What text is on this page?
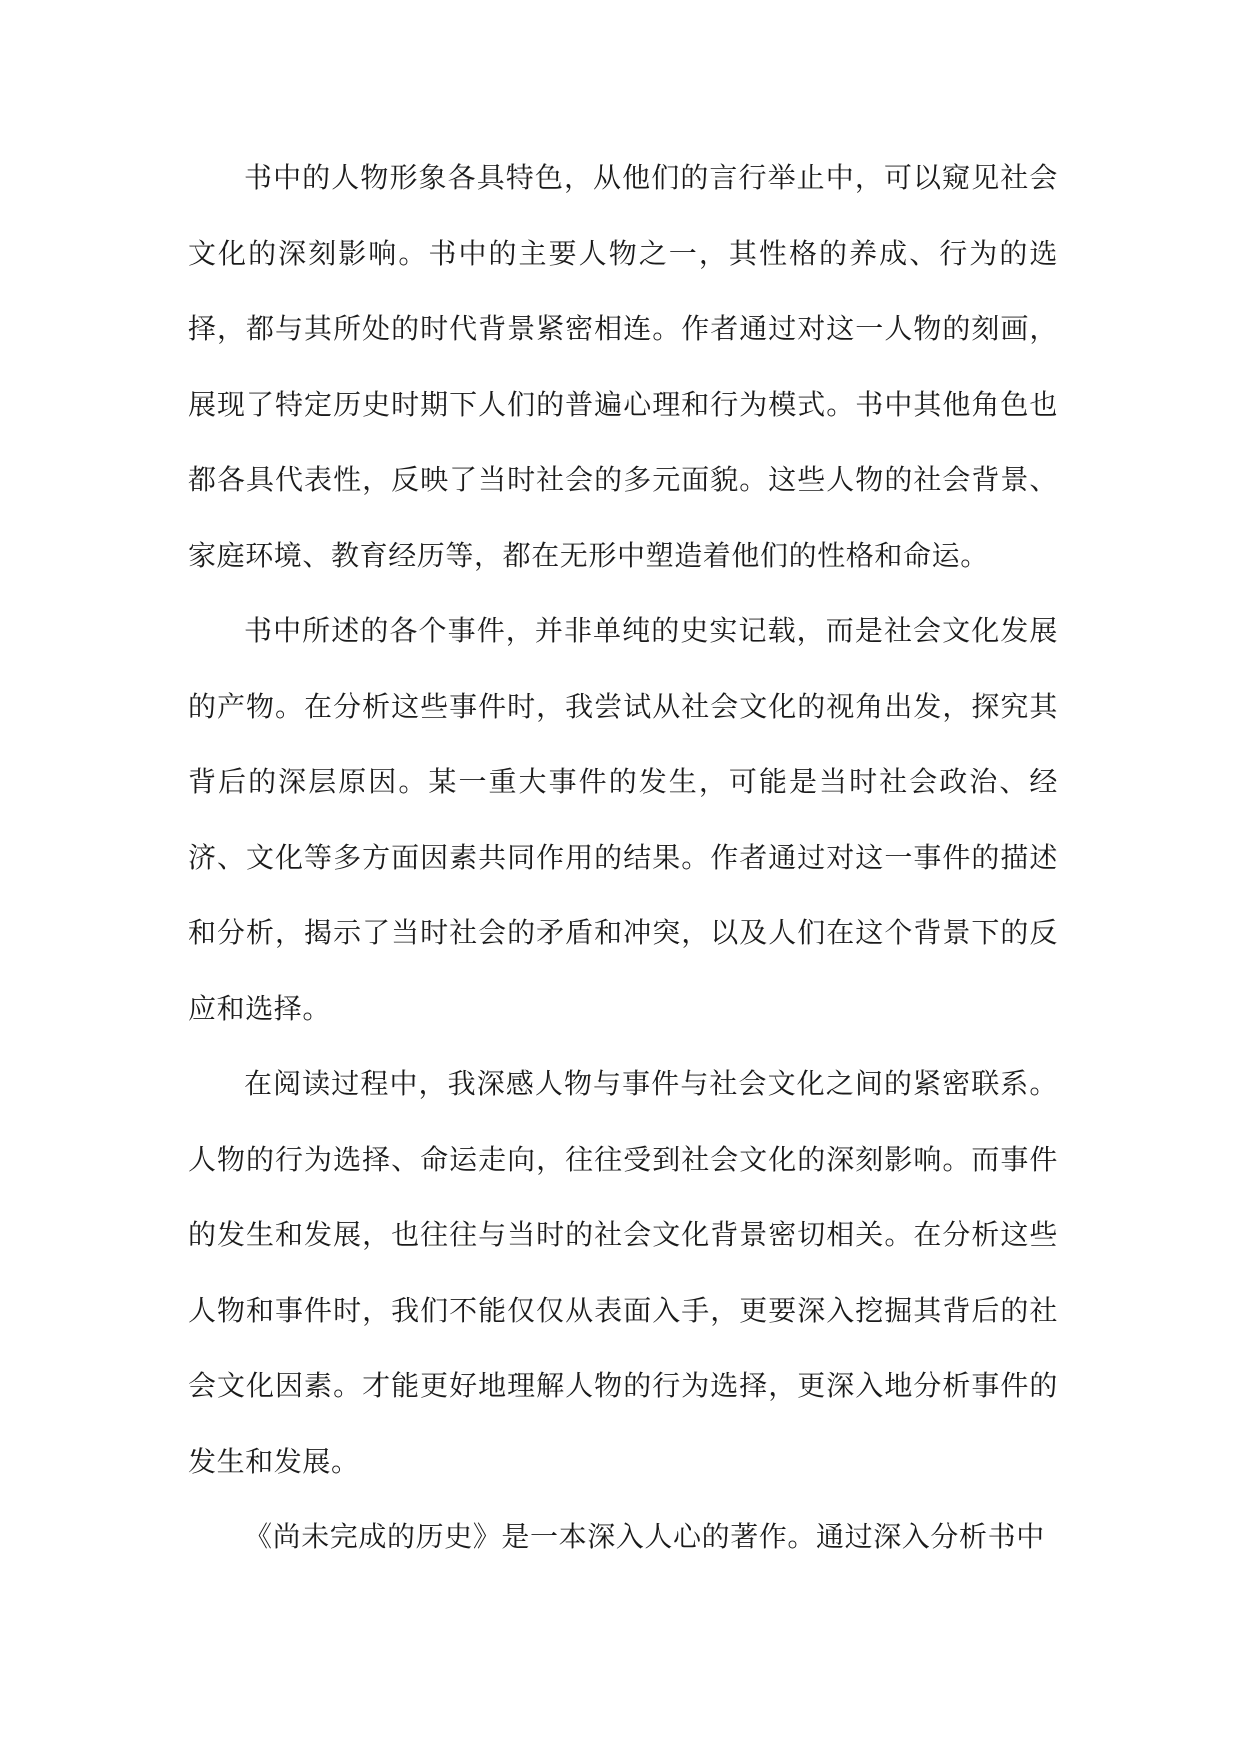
书中的人物形象各具特色，从他们的言行举止中，可以窥见社会文化的深刻影响。书中的主要人物之一，其性格的养成、行为的选择，都与其所处的时代背景紧密相连。作者通过对这一人物的刻画，展现了特定历史时期下人们的普遍心理和行为模式。书中其他角色也都各具代表性，反映了当时社会的多元面貌。这些人物的社会背景、家庭环境、教育经历等，都在无形中塑造着他们的性格和命运。

书中所述的各个事件，并非单纯的史实记载，而是社会文化发展的产物。在分析这些事件时，我尝试从社会文化的视角出发，探究其背后的深层原因。某一重大事件的发生，可能是当时社会政治、经济、文化等多方面因素共同作用的结果。作者通过对这一事件的描述和分析，揭示了当时社会的矛盾和冲突，以及人们在这个背景下的反应和选择。

在阅读过程中，我深感人物与事件与社会文化之间的紧密联系。人物的行为选择、命运走向，往往受到社会文化的深刻影响。而事件的发生和发展，也往往与当时的社会文化背景密切相关。在分析这些人物和事件时，我们不能仅仅从表面入手，更要深入挖掘其背后的社会文化因素。才能更好地理解人物的行为选择，更深入地分析事件的发生和发展。

《尚未完成的历史》是一本深入人心的著作。通过深入分析书中
